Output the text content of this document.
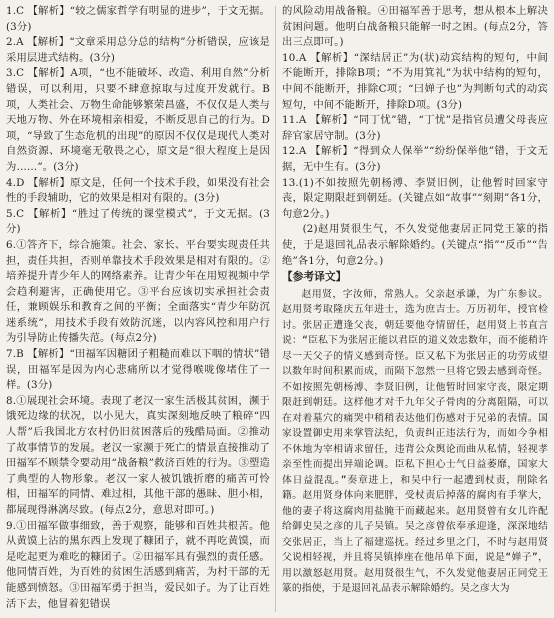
1.C 【解析】“较之儒家哲学有明显的进步”，于文无据。(3分)

2.A 【解析】“文章采用总分总的结构”分析错误，应该是采用层进式结构。(3分)

3.C 【解析】A项，“也不能破坏、改造、利用自然”分析错误，可以利用，只要不肆意掠取与过度开发就行。B项，人类社会、万物生命能够繁荣昌盛，不仅仅是人类与天地万物、外在环境相亲相爱，不断反思自己的行为。D项，“导致了生态危机的出现”的原因不仅仅是现代人类对自然资源、环境毫无敬畏之心，原文是“很大程度上是因为……”。(3分)

4.D 【解析】原文是，任何一个技术手段，如果没有社会性的手段辅助，它的效果是相对有限的。(3分)

5.C 【解析】“胜过了传统的课堂模式”，于文无据。(3分)

6.①答齐下，综合施策。社会、家长、平台要实现责任共担，责任共担，否则单靠技术手段效果是相对有限的。②培养提升青少年人的网络素养。让青少年在用短视频中学会趋利避害，正确使用它。③平台应该切实承担社会责任，兼顾娱乐和教育之间的平衡；全面落实“青少年防沉迷系统”，用技术手段有效防沉迷，以内容风控和用户行为引导防止传播失范。(每点2分)

7.B 【解析】“田福军因糖团子粗糙而难以下咽的情状”错误，田福军是因为内心悲痛所以才觉得喉咙像堵住了一样。(3分)

8.①展现社会环境。表现了老汉一家生活极其贫困，濒于饿死边缘的状况，以小见大，真实深刻地反映了粮碎“四人帮”后我国北方农村仍旧贫困落后的残酷局面。②推动了故事情节的发展。老汉一家濒于死亡的情景直接推动了田福军不顾禁令要动用“战备粮”救济百姓的行为。③塑造了典型的人物形象。老汉一家人被饥饿折磨的痛苦可怜相，田福军的同情、难过相，其他干部的愚昧、胆小相，都展现得淋漓尽致。(每点2分，意思对即可。)

9.①田福军做事细致，善于观察，能够和百姓共根苦。他从黄馍上沾的黑东西上发现了糠团子，就不再吃黄馍，而是吃起更为难吃的糠团子。②田福军具有强烈的责任感。他同情百姓，为百姓的贫困生活感到痛苦，为村干部的无能感到愤怒。③田福军勇于担当，爱民如子。为了让百姓活下去，他冒着犯错误

的风险动用战备粮。④田福军善于思考，想从根本上解决贫困问题。他明白战备粮只能解一时之困。(每点2分，答出三点即可。)

10.A 【解析】“深结居正”为(状)动宾结构的短句，中间不能断开，排除B项；“不为用箕礼”为状中结构的短句，中间不能断开，排除C项；“曰婵子也”为判断句式的动宾短句，中间不能断开，排除D项。(3分)

11.A 【解析】“同丁忧”错，“丁忧”是指官员遭父母丧应辞官家居守制。(3分)

12.A 【解析】“得到众人保举”“纷纷保举他”错，于文无据，无中生有。(3分)

13.(1)不如按照先朝杨溥、李贤旧例，让他暂时回家守丧，限定期限赶到朝廷。(关键点如“故事”“刻期”各1分，句意2分。)

(2)赵用贤很生气，不久发觉他妻居正同党王篆的指使，于是退回礼品表示解除婚约。(关键点“指”“反币”“告绝”各1分，句意2分。)

【参考译文】

赵用贤，字汝师，常熟人。父亲赵承谦，为广东参议。赵用贤考取隆庆五年进士，选为庶吉士。万历初年，授官检讨。张居正遭逢父丧，朝廷要他夺情留任，赵用贤上书直言说：“臣私下为张居正能以君臣的道义效忠数年，而不能稍许尽一天父子的情义感到奇怪。臣又私下为张居正的功劳成望以数年时间积累而成，而陨下忽然一旦将它毁去感到奇怪。不如按照先朝杨溥、李贤旧例，让他暂时回家守丧，限定期限赶到朝廷。这样他才对千九年父子骨肉的分离阻隔，可以在对着墓穴的痛哭中稍稍表达他们伤感对于兄弟的表情。国家设置御史用来掌管法纪，负责纠正违法行为，而如今争相不休地为宰相请求留任，违背公众舆论而曲从私情，轻视孝亲至性而提出异端论调。臣私下担心士气日益萎靡，国家大体日益混乱。”奏章进上，和吴中行一起遭到杖责，削除名籍。赵用贤身体向来肥胖，受杖责后掉落的腐肉有手掌大，他的妻子将这腐肉用盐腌干而藏起来。赵用贤曾有女儿许配给御史吴之彦的儿子吴镇。吴之彦曾依奉承迎逢，深深地结交张居正，当上了福建巡抚。经过乡里之门，不时与赵用贤父说相轻视，并且将吴镇捧座在他吊单下面，说是“婵子”，用以激怒赵用贤。赵用贤很生气，不久发觉他妻居正同党王篆的指使，于是退回礼品表示解除婚约。吴之彦大为
